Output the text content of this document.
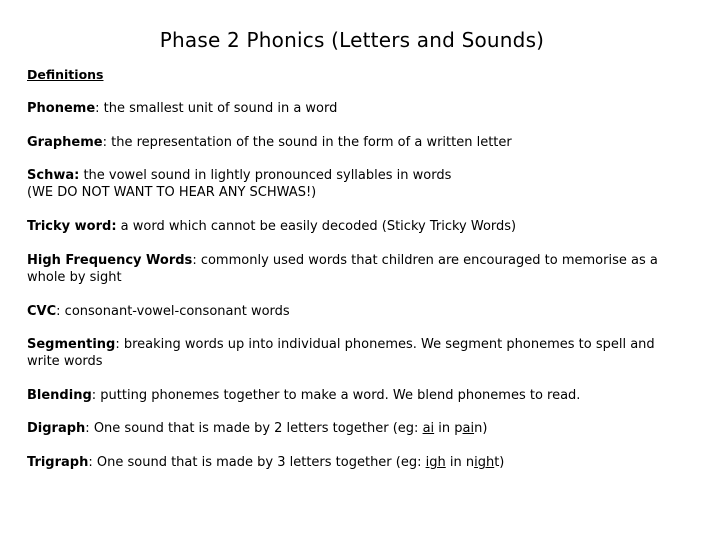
Phase 2 Phonics (Letters and Sounds)

Definitions

Phoneme: the smallest unit of sound in a word

Grapheme: the representation of the sound in the form of a written letter

Schwa: the vowel sound in lightly pronounced syllables in words
(WE DO NOT WANT TO HEAR ANY SCHWAS!)

Tricky word: a word which cannot be easily decoded (Sticky Tricky Words)

High Frequency Words: commonly used words that children are encouraged to memorise as a whole by sight

CVC: consonant-vowel-consonant words

Segmenting: breaking words up into individual phonemes. We segment phonemes to spell and write words

Blending: putting phonemes together to make a word. We blend phonemes to read.

Digraph: One sound that is made by 2 letters together (eg: ai in pain)

Trigraph: One sound that is made by 3 letters together (eg: igh in night)
